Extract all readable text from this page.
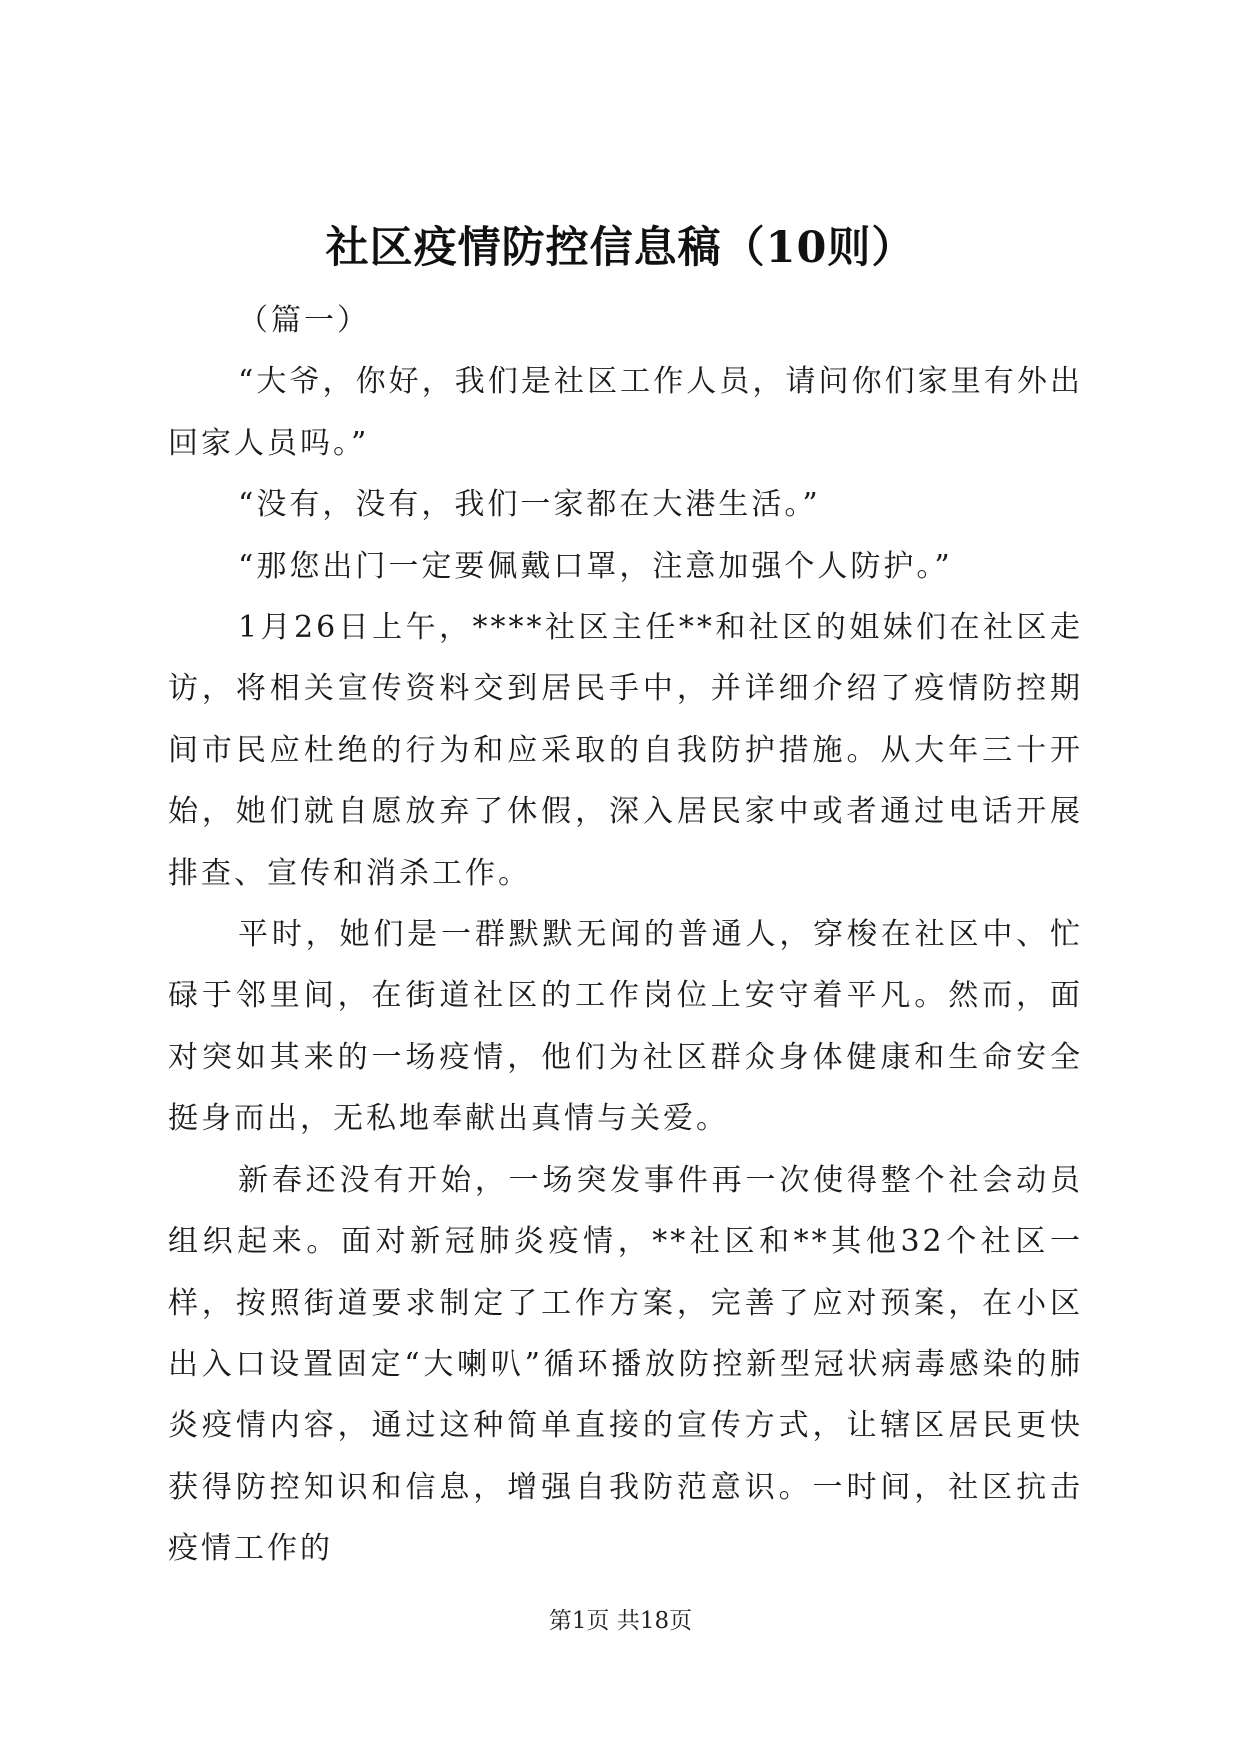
社区疫情防控信息稿（10则）

（篇一）

“大爷，你好，我们是社区工作人员，请问你们家里有外出回家人员吗。”

“没有，没有，我们一家都在大港生活。”

“那您出门一定要佩戴口罩，注意加强个人防护。”

1月26日上午，****社区主任**和社区的姐妹们在社区走访，将相关宣传资料交到居民手中，并详细介绍了疫情防控期间市民应杜绝的行为和应采取的自我防护措施。从大年三十开始，她们就自愿放弃了休假，深入居民家中或者通过电话开展排查、宣传和消杀工作。

平时，她们是一群默默无闻的普通人，穿梭在社区中、忙碌于邻里间，在街道社区的工作岗位上安守着平凡。然而，面对突如其来的一场疫情，他们为社区群众身体健康和生命安全挺身而出，无私地奉献出真情与关爱。

新春还没有开始，一场突发事件再一次使得整个社会动员组织起来。面对新冠肺炎疫情，**社区和**其他32个社区一样，按照街道要求制定了工作方案，完善了应对预案，在小区出入口设置固定“大喇叭”循环播放防控新型冠状病毒感染的肺炎疫情内容，通过这种简单直接的宣传方式，让辖区居民更快获得防控知识和信息，增强自我防范意识。一时间，社区抗击疫情工作的

第1页 共18页
